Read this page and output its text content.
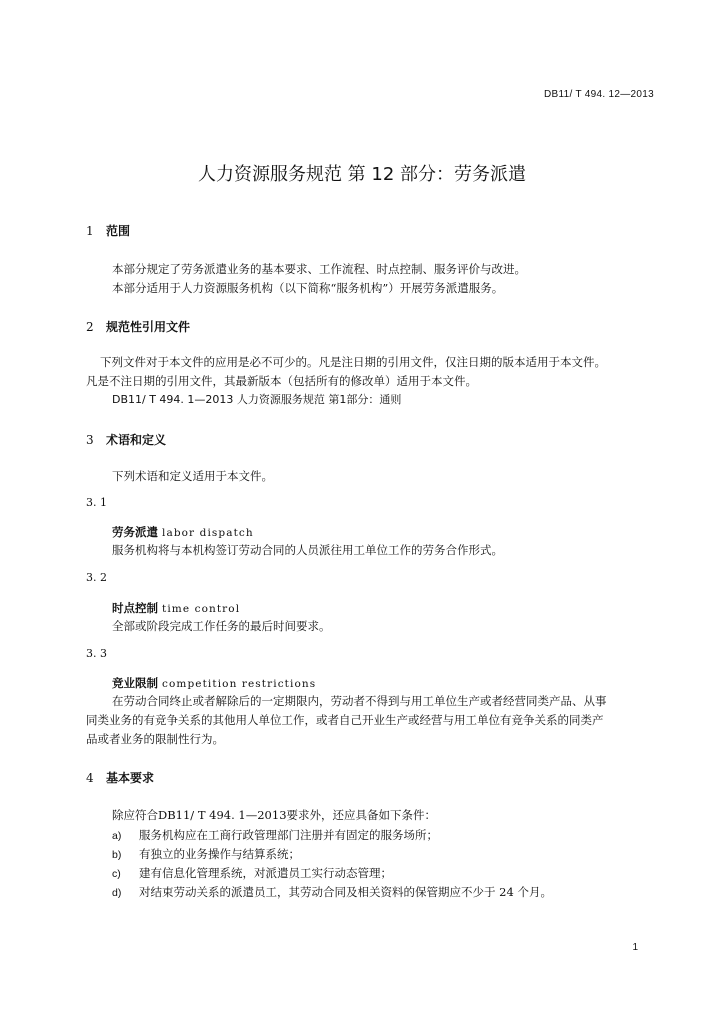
DB11/ T 494. 12—2013
人力资源服务规范 第 12 部分：劳务派遣
1 范围
本部分规定了劳务派遣业务的基本要求、工作流程、时点控制、服务评价与改进。
本部分适用于人力资源服务机构（以下简称“服务机构”）开展劳务派遣服务。
2 规范性引用文件
下列文件对于本文件的应用是必不可少的。凡是注日期的引用文件，仅注日期的版本适用于本文件。
凡是不注日期的引用文件，其最新版本（包括所有的修改单）适用于本文件。
DB11/ T 494. 1—2013 人力资源服务规范 第1部分：通则
3 术语和定义
下列术语和定义适用于本文件。
3. 1
劳务派遣 labor dispatch
服务机构将与本机构签订劳动合同的人员派往用工单位工作的劳务合作形式。
3. 2
时点控制 time control
全部或阶段完成工作任务的最后时间要求。
3. 3
竞业限制 competition restrictions
在劳动合同终止或者解除后的一定期限内，劳动者不得到与用工单位生产或者经营同类产品、从事
同类业务的有竞争关系的其他用人单位工作，或者自己开业生产或经营与用工单位有竞争关系的同类产
品或者业务的限制性行为。
4 基本要求
除应符合DB11/ T 494. 1—2013要求外，还应具备如下条件：
a) 服务机构应在工商行政管理部门注册并有固定的服务场所；
b) 有独立的业务操作与结算系统；
c) 建有信息化管理系统，对派遣员工实行动态管理；
d) 对结束劳动关系的派遣员工，其劳动合同及相关资料的保管期应不少于 24 个月。
1
